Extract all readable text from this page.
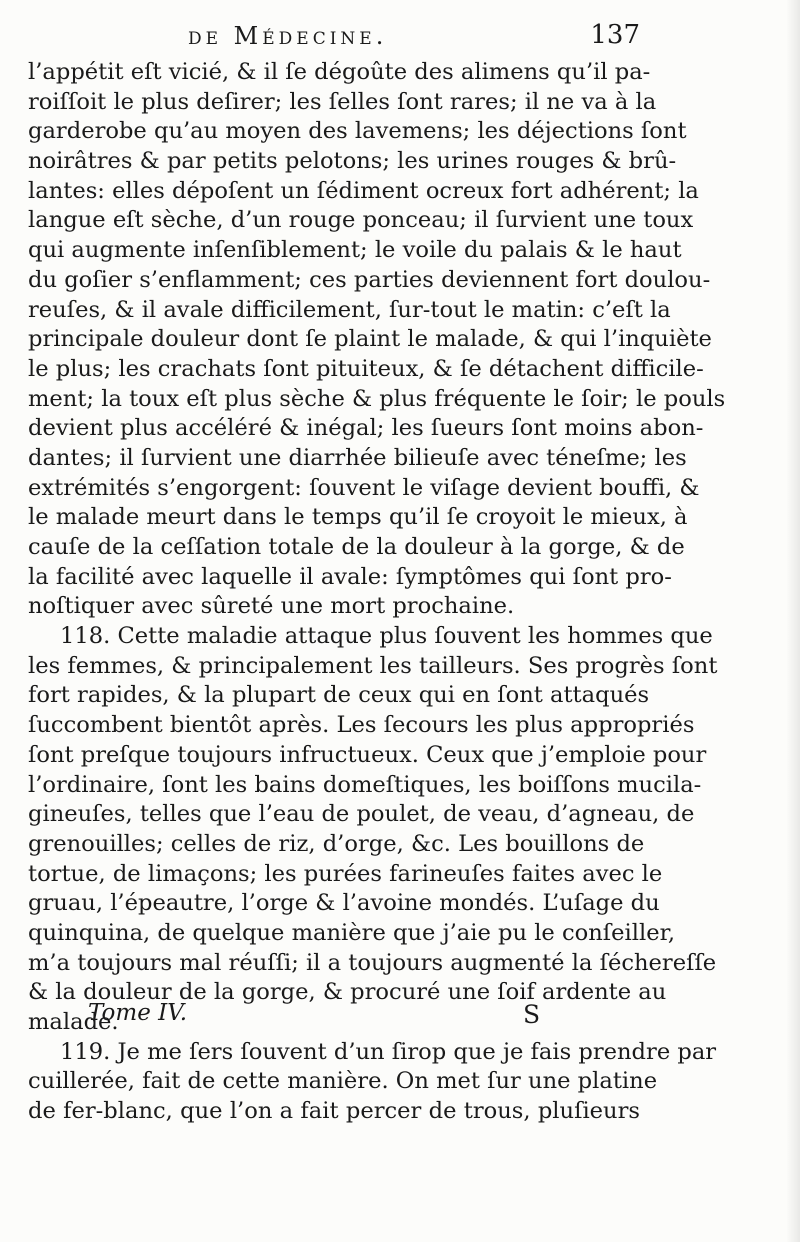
de Médecine.	137
l’appétit eſt vicié, & il ſe dégoûte des alimens qu’il pa-
roiſſoit le plus deſirer; les ſelles ſont rares; il ne va à la
garderobe qu’au moyen des lavemens; les déjections ſont
noirâtres & par petits pelotons; les urines rouges & brû-
lantes: elles dépoſent un ſédiment ocreux fort adhérent; la
langue eſt sèche, d’un rouge ponceau; il ſurvient une toux
qui augmente inſenſiblement; le voile du palais & le haut
du goſier s’enflamment; ces parties deviennent fort doulou-
reuſes, & il avale difficilement, ſur-tout le matin: c’eſt la
principale douleur dont ſe plaint le malade, & qui l’inquiète
le plus; les crachats ſont pituiteux, & ſe détachent difficile-
ment; la toux eſt plus sèche & plus fréquente le ſoir; le pouls
devient plus accéléré & inégal; les ſueurs ſont moins abon-
dantes; il ſurvient une diarrhée bilieuſe avec téneſme; les
extrémités s’engorgent: ſouvent le viſage devient bouffi, &
le malade meurt dans le temps qu’il ſe croyoit le mieux, à
cauſe de la ceſſation totale de la douleur à la gorge, & de
la facilité avec laquelle il avale: ſymptômes qui ſont pro-
noſtiquer avec sûreté une mort prochaine.
118. Cette maladie attaque plus ſouvent les hommes que
les femmes, & principalement les tailleurs. Ses progrès ſont
fort rapides, & la plupart de ceux qui en ſont attaqués
ſuccombent bientôt après. Les ſecours les plus appropriés
ſont preſque toujours infructueux. Ceux que j’emploie pour
l’ordinaire, ſont les bains domeſtiques, les boiſſons mucila-
gineuſes, telles que l’eau de poulet, de veau, d’agneau, de
grenouilles; celles de riz, d’orge, &c. Les bouillons de
tortue, de limaçons; les purées farineuſes faites avec le
gruau, l’épeautre, l’orge & l’avoine mondés. L’uſage du
quinquina, de quelque manière que j’aie pu le conſeiller,
m’a toujours mal réuſſi; il a toujours augmenté la ſéchereſſe
& la douleur de la gorge, & procuré une ſoif ardente au
malade.
119. Je me ſers ſouvent d’un ſirop que je fais prendre par
cuillerée, fait de cette manière. On met ſur une platine
de fer-blanc, que l’on a fait percer de trous, pluſieurs
Tome IV.	S
